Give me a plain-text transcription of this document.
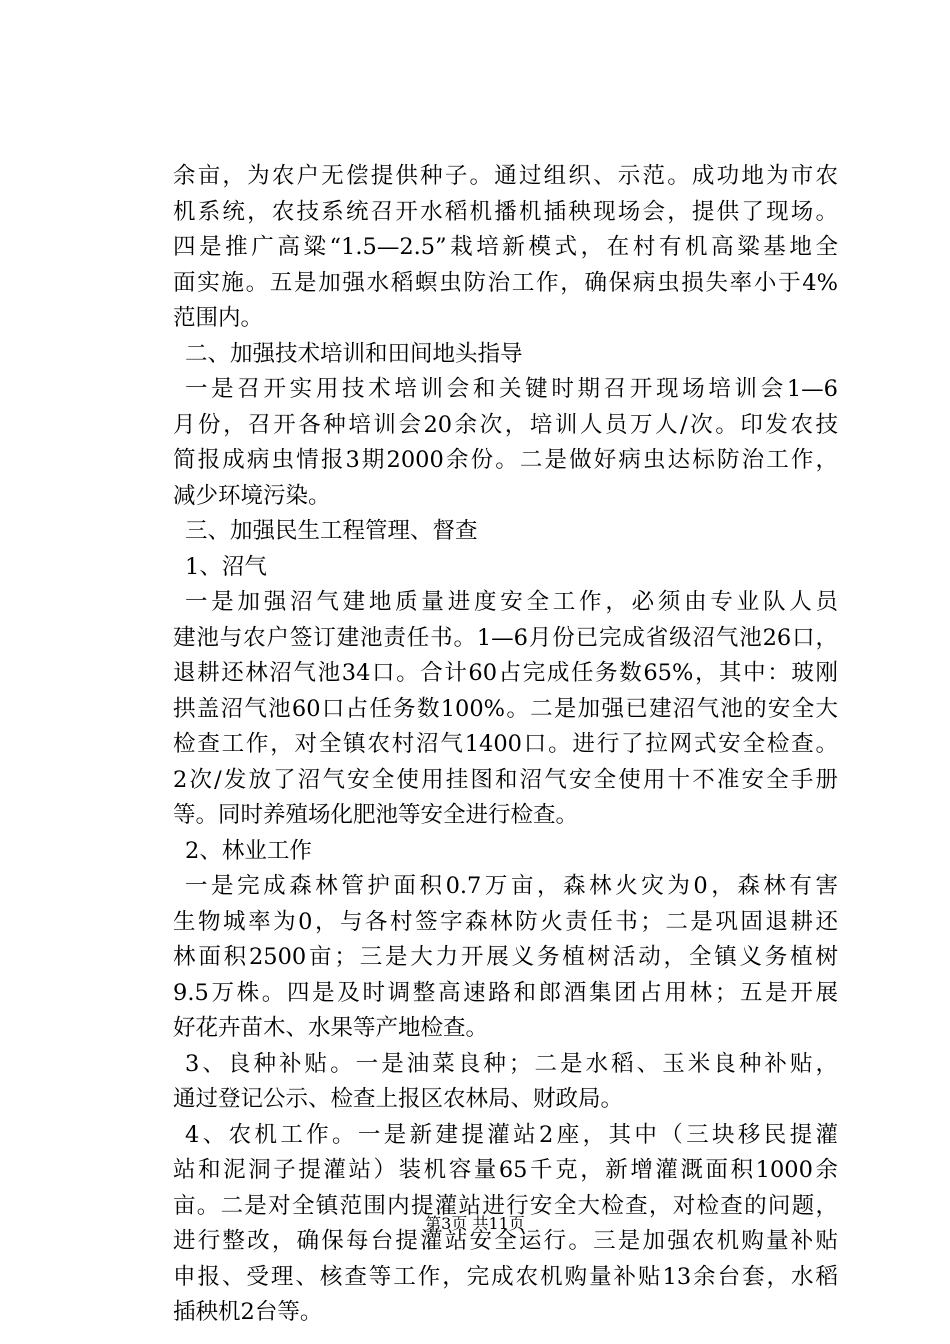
余亩，为农户无偿提供种子。通过组织、示范。成功地为市农
机系统，农技系统召开水稻机播机插秧现场会，提供了现场。
四是推广高粱“1.5—2.5”栽培新模式，在村有机高粱基地全
面实施。五是加强水稻螟虫防治工作，确保病虫损失率小于4%
范围内。
二、加强技术培训和田间地头指导
一是召开实用技术培训会和关键时期召开现场培训会1—6
月份，召开各种培训会20余次，培训人员万人/次。印发农技
简报成病虫情报3期2000余份。二是做好病虫达标防治工作，
减少环境污染。
三、加强民生工程管理、督查
1、沼气
一是加强沼气建地质量进度安全工作，必须由专业队人员
建池与农户签订建池责任书。1—6月份已完成省级沼气池26口，
退耕还林沼气池34口。合计60占完成任务数65%，其中：玻刚
拱盖沼气池60口占任务数100%。二是加强已建沼气池的安全大
检查工作，对全镇农村沼气1400口。进行了拉网式安全检查。
2次/发放了沼气安全使用挂图和沼气安全使用十不准安全手册
等。同时养殖场化肥池等安全进行检查。
2、林业工作
一是完成森林管护面积0.7万亩，森林火灾为0，森林有害
生物城率为0，与各村签字森林防火责任书；二是巩固退耕还
林面积2500亩；三是大力开展义务植树活动，全镇义务植树
9.5万株。四是及时调整高速路和郎酒集团占用林；五是开展
好花卉苗木、水果等产地检查。
3、良种补贴。一是油菜良种；二是水稻、玉米良种补贴，
通过登记公示、检查上报区农林局、财政局。
4、农机工作。一是新建提灌站2座，其中（三块移民提灌
站和泥洞子提灌站）装机容量65千克，新增灌溉面积1000余
亩。二是对全镇范围内提灌站进行安全大检查，对检查的问题，
进行整改，确保每台提灌站安全运行。三是加强农机购量补贴
申报、受理、核查等工作，完成农机购量补贴13余台套，水稻
插秧机2台等。
第3页 共11页
